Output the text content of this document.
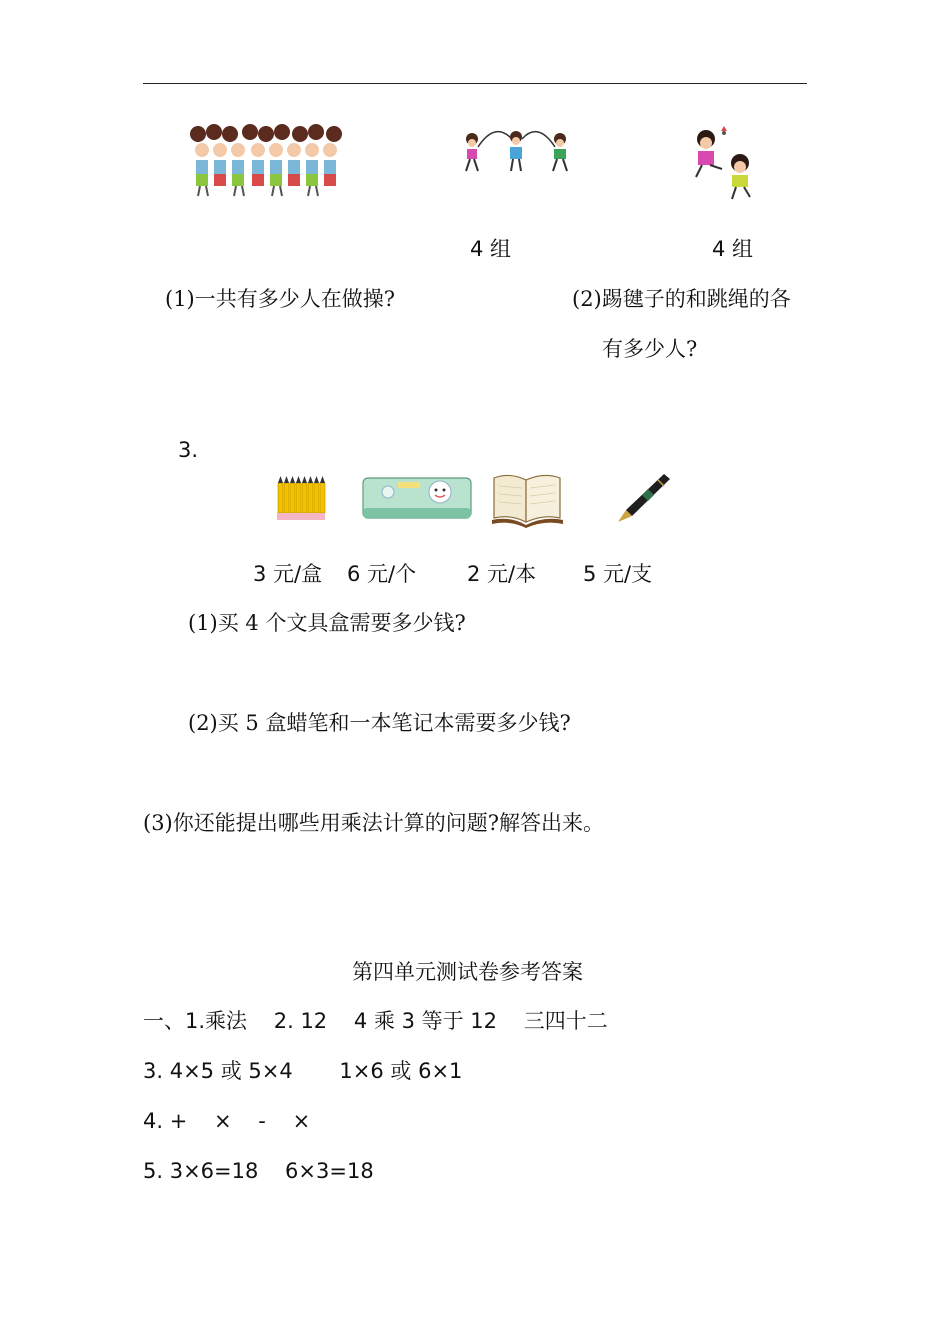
4 组	4 组
(1)一共有多少人在做操?	(2)踢毽子的和跳绳的各
有多少人?
3.
3 元/盒 6 元/个 2 元/本 5 元/支
(1)买 4 个文具盒需要多少钱?
(2)买 5 盒蜡笔和一本笔记本需要多少钱?
(3)你还能提出哪些用乘法计算的问题?解答出来。
第四单元测试卷参考答案
一、1.乘法    2. 12    4 乘 3 等于 12    三四十二
3. 4×5 或 5×4       1×6 或 6×1
4. +    ×    -    ×
5. 3×6=18    6×3=18
